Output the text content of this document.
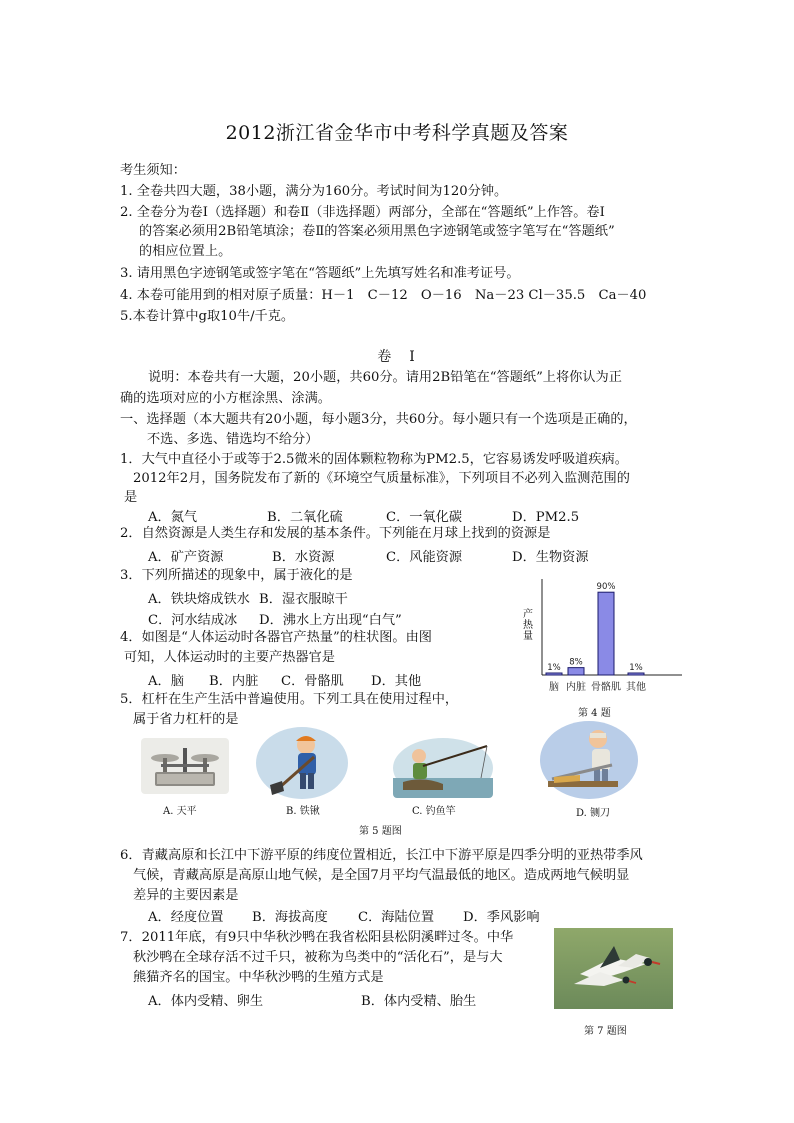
2012浙江省金华市中考科学真题及答案
考生须知：
1. 全卷共四大题，38小题，满分为160分。考试时间为120分钟。
2. 全卷分为卷Ⅰ（选择题）和卷Ⅱ（非选择题）两部分，全部在“答题纸”上作答。卷Ⅰ
的答案必须用2B铅笔填涂；卷Ⅱ的答案必须用黑色字迹钢笔或签字笔写在“答题纸”
的相应位置上。
3. 请用黑色字迹钢笔或签字笔在“答题纸”上先填写姓名和准考证号。
4. 本卷可能用到的相对原子质量：H－1　C－12　O－16　Na－23 Cl－35.5　Ca－40
5.本卷计算中g取10牛/千克。
卷　Ⅰ
说明：本卷共有一大题，20小题，共60分。请用2B铅笔在“答题纸”上将你认为正
确的选项对应的小方框涂黑、涂满。
一、选择题（本大题共有20小题，每小题3分，共60分。每小题只有一个选项是正确的，
不选、多选、错选均不给分）
1．大气中直径小于或等于2.5微米的固体颗粒物称为PM2.5，它容易诱发呼吸道疾病。
2012年2月，国务院发布了新的《环境空气质量标准》，下列项目不必列入监测范围的
是
A．氮气	B．二氧化硫	C．一氧化碳	D．PM2.5
2．自然资源是人类生存和发展的基本条件。下列能在月球上找到的资源是
A．矿产资源	B．水资源	C．风能资源	D．生物资源
3．下列所描述的现象中，属于液化的是
A．铁块熔成铁水 B．湿衣服晾干
C．河水结成冰 D．沸水上方出现“白气”
4．如图是“人体运动时各器官产热量”的柱状图。由图
可知，人体运动时的主要产热器官是
A．脑 B．内脏 C．骨骼肌 D．其他
1%
脑
8%
内脏
90%
骨骼肌
1%
其他
产热量
第 4 题
5．杠杆在生产生活中普遍使用。下列工具在使用过程中，
属于省力杠杆的是
A. 天平	B. 铁锹	C. 钓鱼竿	D. 铡刀
第 5 题图
6．青藏高原和长江中下游平原的纬度位置相近，长江中下游平原是四季分明的亚热带季风
气候，青藏高原是高原山地气候，是全国7月平均气温最低的地区。造成两地气候明显
差异的主要因素是
A．经度位置 B．海拔高度 C．海陆位置 D．季风影响
7．2011年底，有9只中华秋沙鸭在我省松阳县松阴溪畔过冬。中华
秋沙鸭在全球存活不过千只，被称为鸟类中的“活化石”，是与大
熊猫齐名的国宝。中华秋沙鸭的生殖方式是
A．体内受精、卵生	B．体内受精、胎生
第 7 题图
